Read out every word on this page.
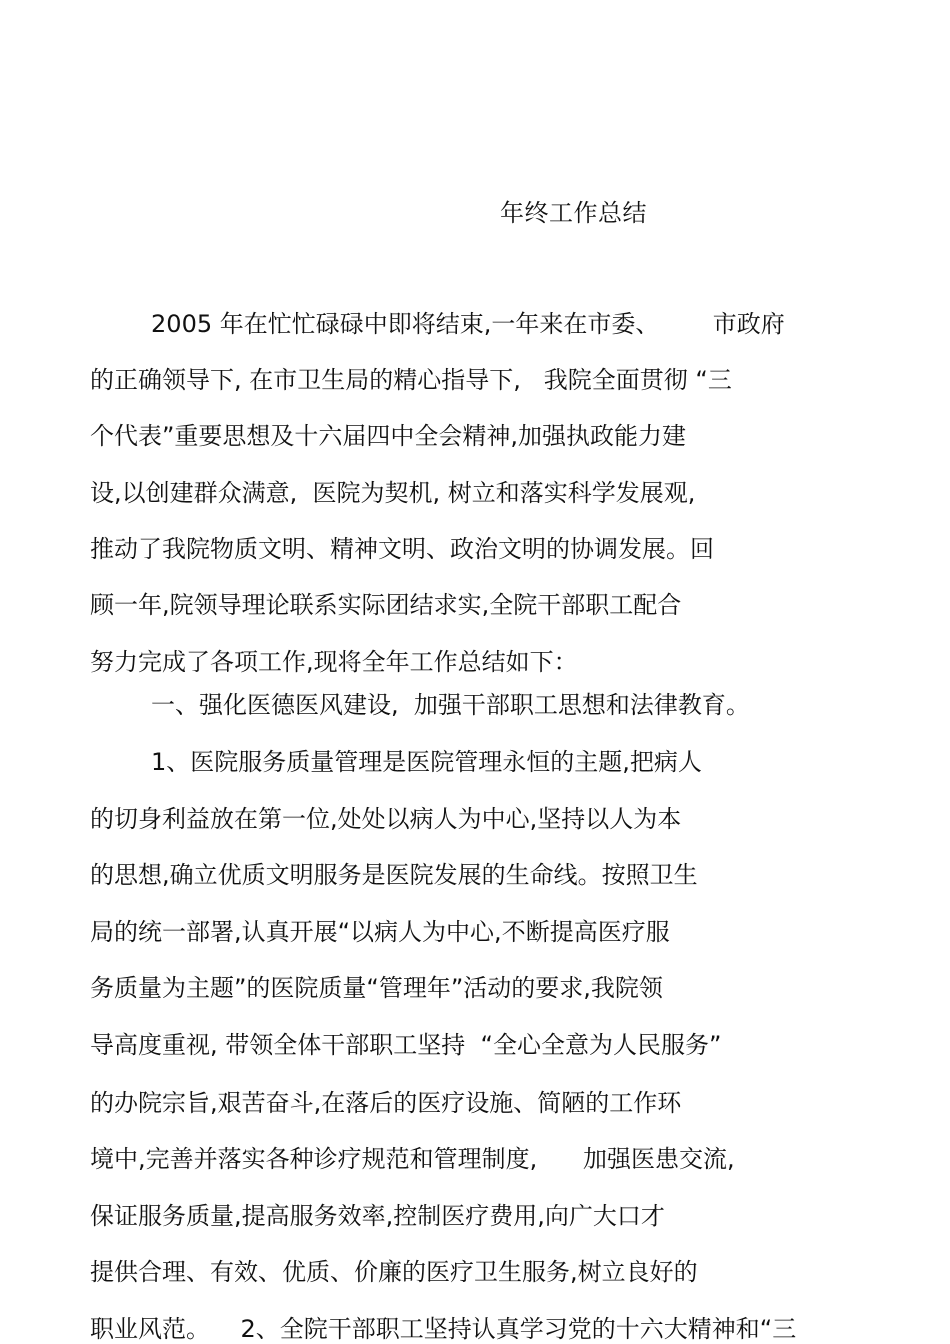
年终工作总结
2005 年在忙忙碌碌中即将结束,一年来在市委、       市政府
的正确领导下, 在市卫生局的精心指导下,   我院全面贯彻 “三
个代表”重要思想及十六届四中全会精神,加强执政能力建
设,以创建群众满意,  医院为契机, 树立和落实科学发展观,
推动了我院物质文明、精神文明、政治文明的协调发展。回
顾一年,院领导理论联系实际团结求实,全院干部职工配合
努力完成了各项工作,现将全年工作总结如下：
一、强化医德医风建设,  加强干部职工思想和法律教育。
1、医院服务质量管理是医院管理永恒的主题,把病人
的切身利益放在第一位,处处以病人为中心,坚持以人为本
的思想,确立优质文明服务是医院发展的生命线。按照卫生
局的统一部署,认真开展“以病人为中心,不断提高医疗服
务质量为主题”的医院质量“管理年”活动的要求,我院领
导高度重视, 带领全体干部职工坚持  “全心全意为人民服务”
的办院宗旨,艰苦奋斗,在落后的医疗设施、简陋的工作环
境中,完善并落实各种诊疗规范和管理制度,      加强医患交流,
保证服务质量,提高服务效率,控制医疗费用,向广大口才
提供合理、有效、优质、价廉的医疗卫生服务,树立良好的
职业风范。    2、全院干部职工坚持认真学习党的十六大精神和“三
